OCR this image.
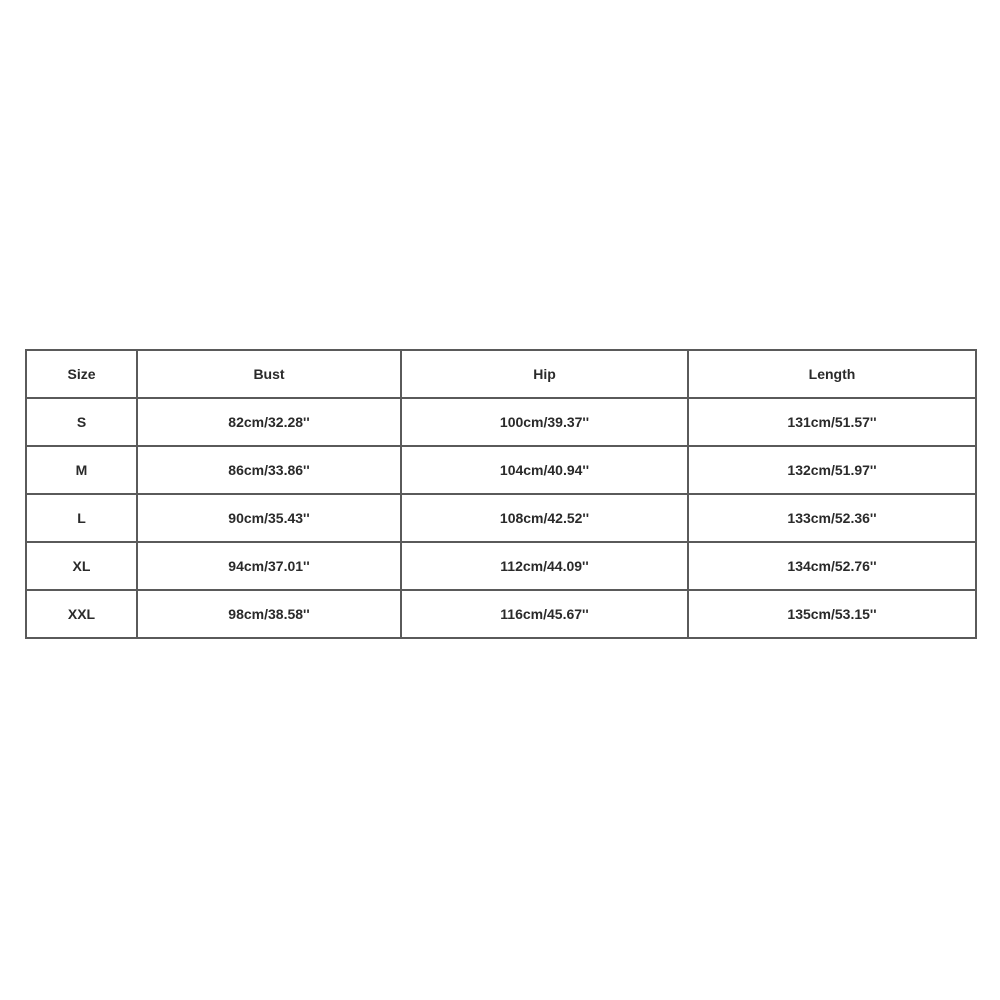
Size	Bust	Hip	Length
S	82cm/32.28''	100cm/39.37''	131cm/51.57''
M	86cm/33.86''	104cm/40.94''	132cm/51.97''
L	90cm/35.43''	108cm/42.52''	133cm/52.36''
XL	94cm/37.01''	112cm/44.09''	134cm/52.76''
XXL	98cm/38.58''	116cm/45.67''	135cm/53.15''
